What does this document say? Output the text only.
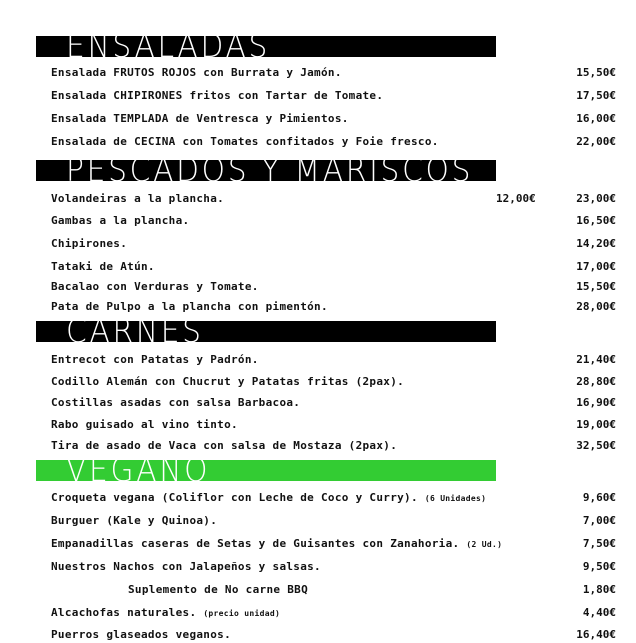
ENSALADAS
Ensalada FRUTOS ROJOS con Burrata y Jamón.	15,50€
Ensalada CHIPIRONES fritos con Tartar de Tomate.	17,50€
Ensalada TEMPLADA de Ventresca y Pimientos.	16,00€
Ensalada de CECINA con Tomates confitados y Foie fresco.	22,00€
PESCADOS Y MARISCOS
Volandeiras a la plancha.	12,00€	23,00€
Gambas a la plancha.	16,50€
Chipirones.	14,20€
Tataki de Atún.	17,00€
Bacalao con Verduras y Tomate.	15,50€
Pata de Pulpo a la plancha con pimentón.	28,00€
CARNES
Entrecot con Patatas y Padrón.	21,40€
Codillo Alemán con Chucrut y Patatas fritas (2pax).	28,80€
Costillas asadas con salsa Barbacoa.	16,90€
Rabo guisado al vino tinto.	19,00€
Tira de asado de Vaca con salsa de Mostaza (2pax).	32,50€
VEGANO
Croqueta vegana (Coliflor con Leche de Coco y Curry). (6 Unidades)	9,60€
Burguer (Kale y Quinoa).	7,00€
Empanadillas caseras de Setas y de Guisantes con Zanahoria. (2 Ud.)	7,50€
Nuestros Nachos con Jalapeños y salsas.	9,50€
Suplemento de No carne BBQ	1,80€
Alcachofas naturales. (precio unidad)	4,40€
Puerros glaseados veganos.	16,40€
